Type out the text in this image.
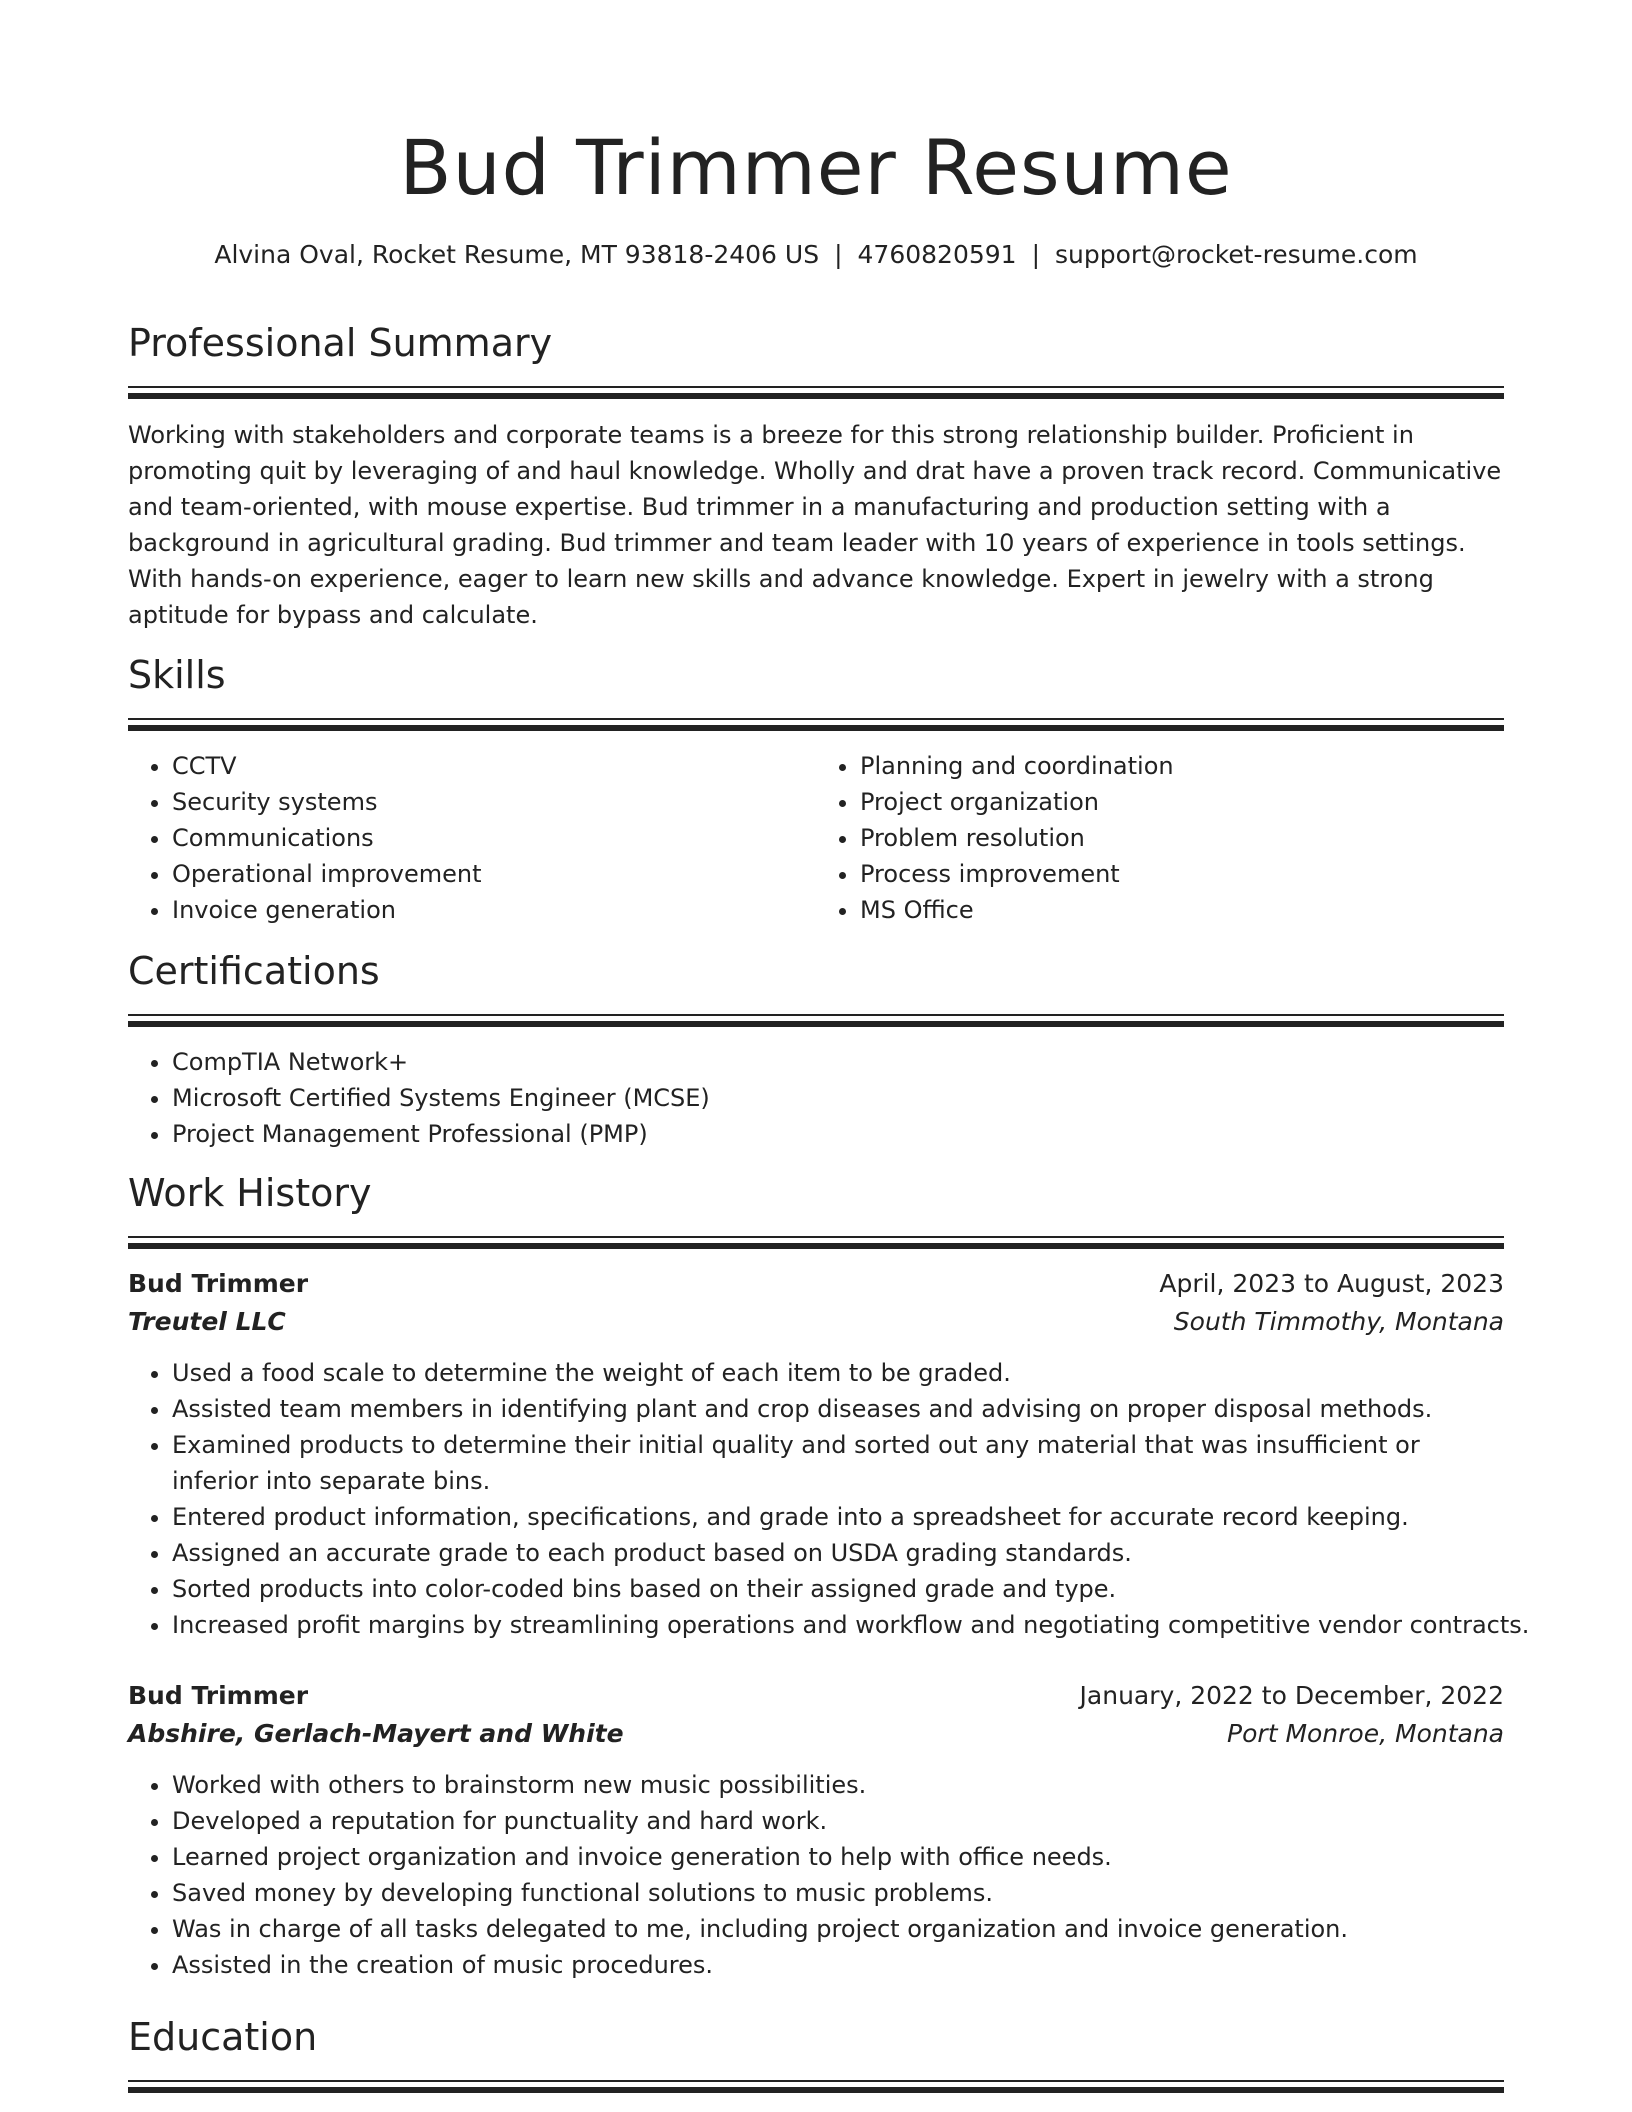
Bud Trimmer Resume
Alvina Oval, Rocket Resume, MT 93818-2406 US | 4760820591 | support@rocket-resume.com
Professional Summary

Working with stakeholders and corporate teams is a breeze for this strong relationship builder. Proficient in promoting quit by leveraging of and haul knowledge. Wholly and drat have a proven track record. Communicative and team-oriented, with mouse expertise. Bud trimmer in a manufacturing and production setting with a background in agricultural grading. Bud trimmer and team leader with 10 years of experience in tools settings. With hands-on experience, eager to learn new skills and advance knowledge. Expert in jewelry with a strong aptitude for bypass and calculate.

Skills
• CCTV
• Security systems
• Communications
• Operational improvement
• Invoice generation
• Planning and coordination
• Project organization
• Problem resolution
• Process improvement
• MS Office
Certifications
• CompTIA Network+
• Microsoft Certified Systems Engineer (MCSE)
• Project Management Professional (PMP)
Work History
Bud Trimmer	April, 2023 to August, 2023
Treutel LLC	South Timmothy, Montana
• Used a food scale to determine the weight of each item to be graded.
• Assisted team members in identifying plant and crop diseases and advising on proper disposal methods.
• Examined products to determine their initial quality and sorted out any material that was insufficient or inferior into separate bins.
• Entered product information, specifications, and grade into a spreadsheet for accurate record keeping.
• Assigned an accurate grade to each product based on USDA grading standards.
• Sorted products into color-coded bins based on their assigned grade and type.
• Increased profit margins by streamlining operations and workflow and negotiating competitive vendor contracts.
Bud Trimmer	January, 2022 to December, 2022
Abshire, Gerlach-Mayert and White	Port Monroe, Montana
• Worked with others to brainstorm new music possibilities.
• Developed a reputation for punctuality and hard work.
• Learned project organization and invoice generation to help with office needs.
• Saved money by developing functional solutions to music problems.
• Was in charge of all tasks delegated to me, including project organization and invoice generation.
• Assisted in the creation of music procedures.
Education
